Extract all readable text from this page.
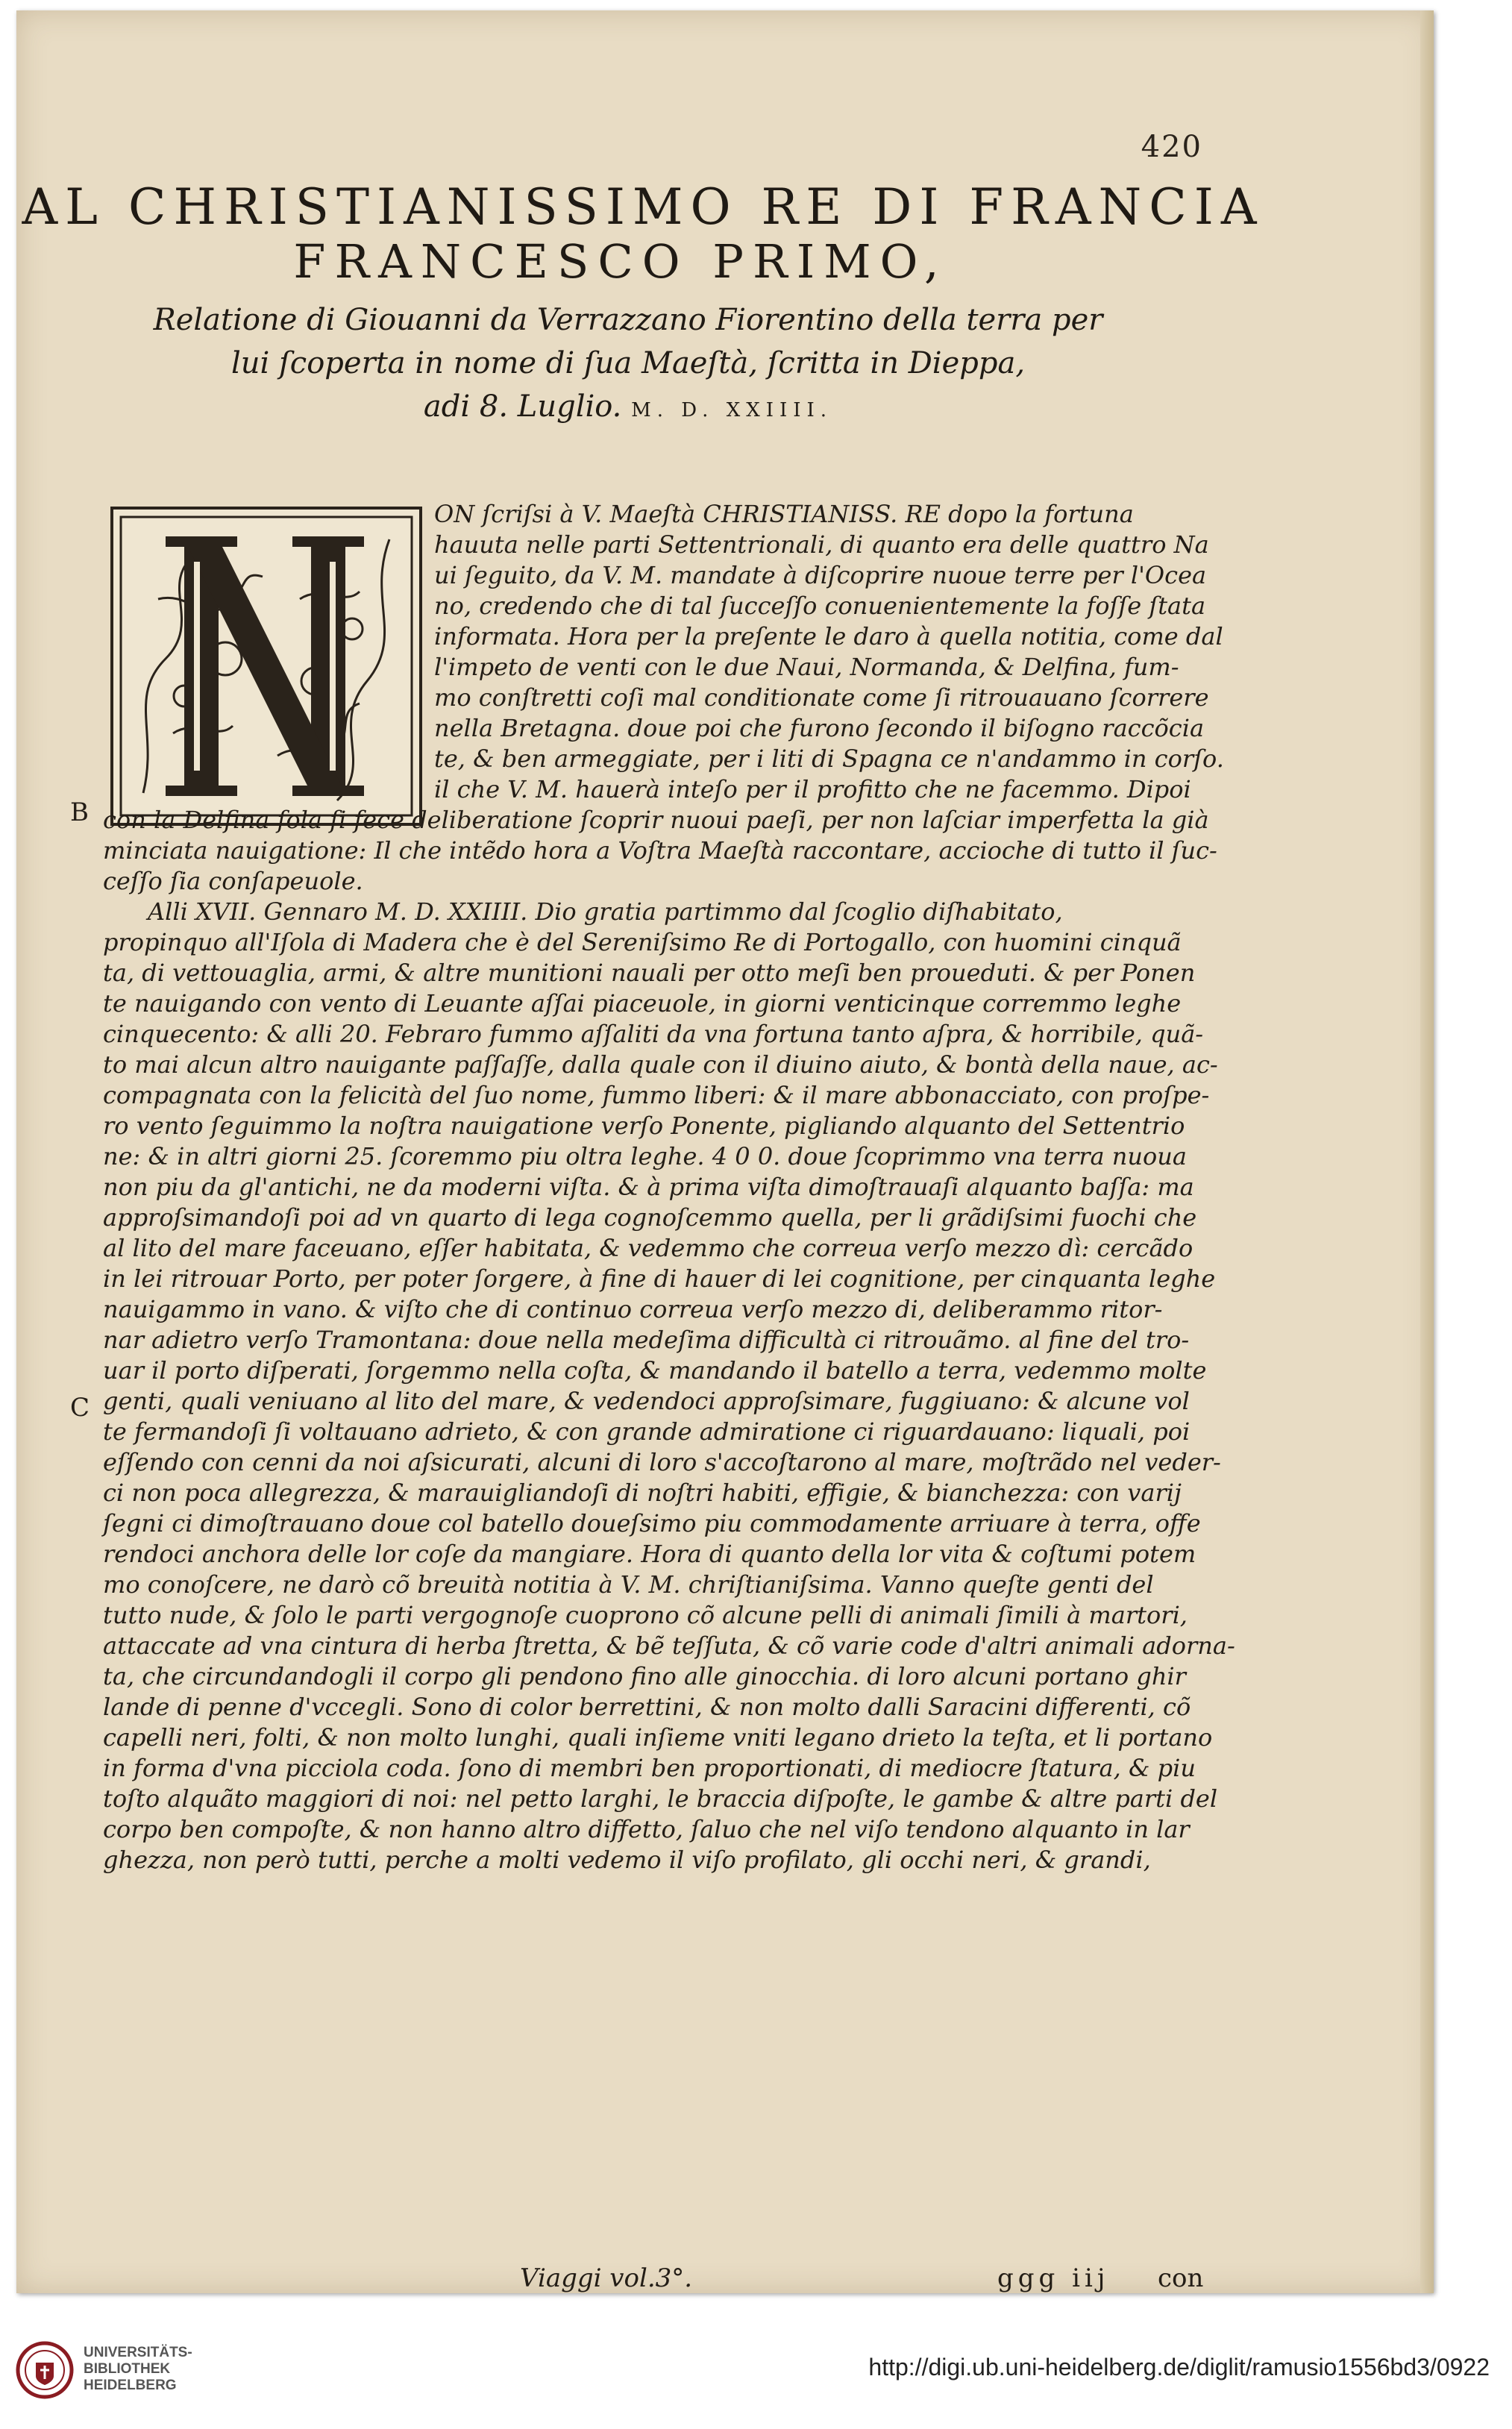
420
AL CHRISTIANISSIMO RE DI FRANCIA
FRANCESCO PRIMO,
Relatione di Giouanni da Verrazzano Fiorentino della terra per
lui ſcoperta in nome di ſua Maeſtà, ſcritta in Dieppa,
adi 8. Luglio. M. D. XXIIII.
ON ſcriſsi à V. Maeſtà CHRISTIANISS. RE dopo la fortuna
hauuta nelle parti Settentrionali, di quanto era delle quattro Na
ui ſeguito, da V. M. mandate à diſcoprire nuoue terre per l'Ocea
no, credendo che di tal ſucceſſo conuenientemente la foſſe ſtata
informata. Hora per la preſente le daro à quella notitia, come dal
l'impeto de venti con le due Naui, Normanda, & Delfina, fum-
mo conſtretti coſi mal conditionate come ſi ritrouauano ſcorrere
nella Bretagna. doue poi che furono ſecondo il biſogno raccõcia
te, & ben armeggiate, per i liti di Spagna ce n'andammo in corſo.
il che V. M. hauerà inteſo per il profitto che ne facemmo. Dipoi
B
C
con la Delfina ſola ſi fece deliberatione ſcoprir nuoui paeſi, per non laſciar imperfetta la già
minciata nauigatione: Il che intẽdo hora a Voſtra Maeſtà raccontare, accioche di tutto il ſuc-
ceſſo ſia conſapeuole.
Alli XVII. Gennaro M. D. XXIIII. Dio gratia partimmo dal ſcoglio diſhabitato,
propinquo all'Iſola di Madera che è del Sereniſsimo Re di Portogallo, con huomini cinquã
ta, di vettouaglia, armi, & altre munitioni nauali per otto meſi ben proueduti. & per Ponen
te nauigando con vento di Leuante aſſai piaceuole, in giorni venticinque corremmo leghe
cinquecento: & alli 20. Febraro fummo aſſaliti da vna fortuna tanto aſpra, & horribile, quã-
to mai alcun altro nauigante paſſaſſe, dalla quale con il diuino aiuto, & bontà della naue, ac-
compagnata con la felicità del ſuo nome, fummo liberi: & il mare abbonacciato, con proſpe-
ro vento ſeguimmo la noſtra nauigatione verſo Ponente, pigliando alquanto del Settentrio
ne: & in altri giorni 25. ſcoremmo piu oltra leghe. 4 0 0. doue ſcoprimmo vna terra nuoua
non piu da gl'antichi, ne da moderni viſta. & à prima viſta dimoſtrauaſi alquanto baſſa: ma
approſsimandoſi poi ad vn quarto di lega cognoſcemmo quella, per li grãdiſsimi fuochi che
al lito del mare faceuano, eſſer habitata, & vedemmo che correua verſo mezzo dì: cercãdo
in lei ritrouar Porto, per poter ſorgere, à fine di hauer di lei cognitione, per cinquanta leghe
nauigammo in vano. & viſto che di continuo correua verſo mezzo di, deliberammo ritor-
nar adietro verſo Tramontana: doue nella medeſima difficultà ci ritrouãmo. al fine del tro-
uar il porto diſperati, ſorgemmo nella coſta, & mandando il batello a terra, vedemmo molte
genti, quali veniuano al lito del mare, & vedendoci approſsimare, fuggiuano: & alcune vol
te fermandoſi ſi voltauano adrieto, & con grande admiratione ci riguardauano: liquali, poi
eſſendo con cenni da noi aſsicurati, alcuni di loro s'accoſtarono al mare, moſtrãdo nel veder-
ci non poca allegrezza, & marauigliandoſi di noſtri habiti, effigie, & bianchezza: con varij
ſegni ci dimoſtrauano doue col batello doueſsimo piu commodamente arriuare à terra, offe
rendoci anchora delle lor coſe da mangiare. Hora di quanto della lor vita & coſtumi potem
mo conoſcere, ne darò cõ breuità notitia à V. M. chriſtianiſsima. Vanno queſte genti del
tutto nude, & ſolo le parti vergognoſe cuoprono cõ alcune pelli di animali ſimili à martori,
attaccate ad vna cintura di herba ſtretta, & bẽ teſſuta, & cõ varie code d'altri animali adorna-
ta, che circundandogli il corpo gli pendono fino alle ginocchia. di loro alcuni portano ghir
lande di penne d'vccegli. Sono di color berrettini, & non molto dalli Saracini differenti, cõ
capelli neri, folti, & non molto lunghi, quali inſieme vniti legano drieto la teſta, et li portano
in forma d'vna picciola coda. ſono di membri ben proportionati, di mediocre ſtatura, & piu
toſto alquãto maggiori di noi: nel petto larghi, le braccia diſpoſte, le gambe & altre parti del
corpo ben compoſte, & non hanno altro diffetto, ſaluo che nel viſo tendono alquanto in lar
ghezza, non però tutti, perche a molti vedemo il viſo profilato, gli occhi neri, & grandi,
Viaggi vol.3°.	ggg iij con
UNIVERSITÄTS-
BIBLIOTHEK
HEIDELBERG
http://digi.ub.uni-heidelberg.de/diglit/ramusio1556bd3/0922
